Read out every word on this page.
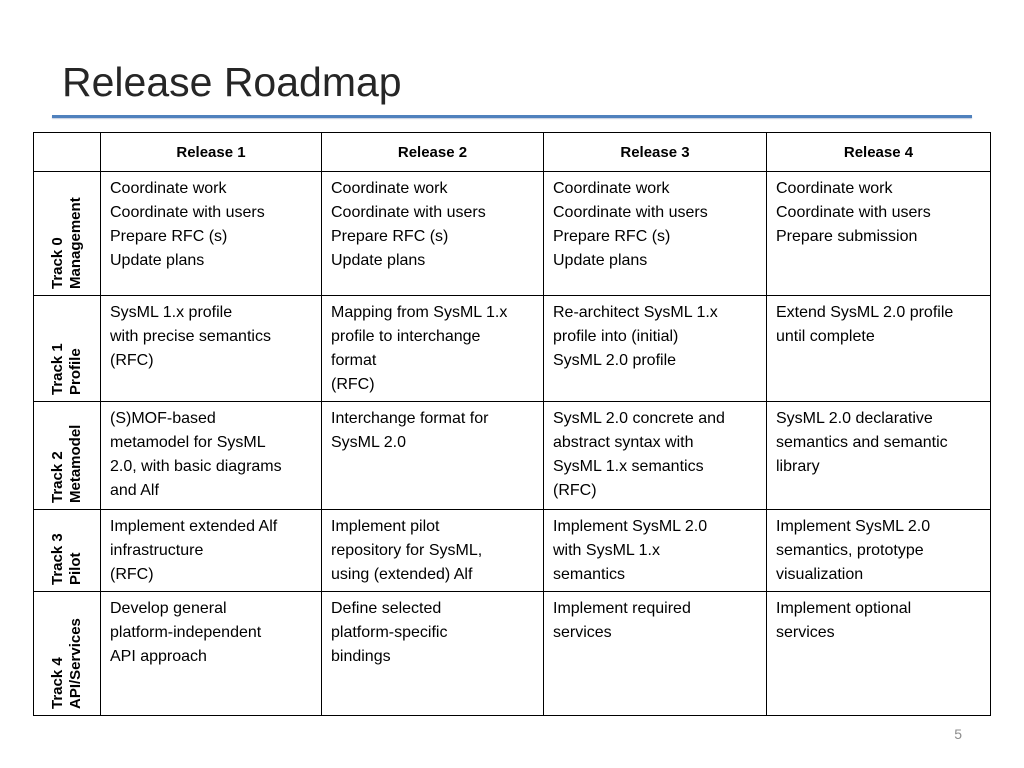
Release Roadmap
	Release 1	Release 2	Release 3	Release 4

Track 0 Management	Coordinate work
Coordinate with users
Prepare RFC (s)
Update plans	Coordinate work
Coordinate with users
Prepare RFC (s)
Update plans	Coordinate work
Coordinate with users
Prepare RFC (s)
Update plans	Coordinate work
Coordinate with users
Prepare submission

Track 1 Profile	SysML 1.x profile
with precise semantics
(RFC)	Mapping from SysML 1.x
profile to interchange
format
(RFC)	Re-architect SysML 1.x
profile into (initial)
SysML 2.0 profile	Extend SysML 2.0 profile
until complete

Track 2 Metamodel	(S)MOF-based
metamodel for SysML
2.0, with basic diagrams
and Alf	Interchange format for
SysML 2.0	SysML 2.0 concrete and
abstract syntax with
SysML 1.x semantics
(RFC)	SysML 2.0 declarative
semantics and semantic
library

Track 3 Pilot	Implement extended Alf
infrastructure
(RFC)	Implement pilot
repository for SysML,
using (extended) Alf	Implement SysML 2.0
with SysML 1.x
semantics	Implement SysML 2.0
semantics, prototype
visualization

Track 4 API/Services	Develop general
platform-independent
API approach	Define selected
platform-specific
bindings	Implement required
services	Implement optional
services
5
